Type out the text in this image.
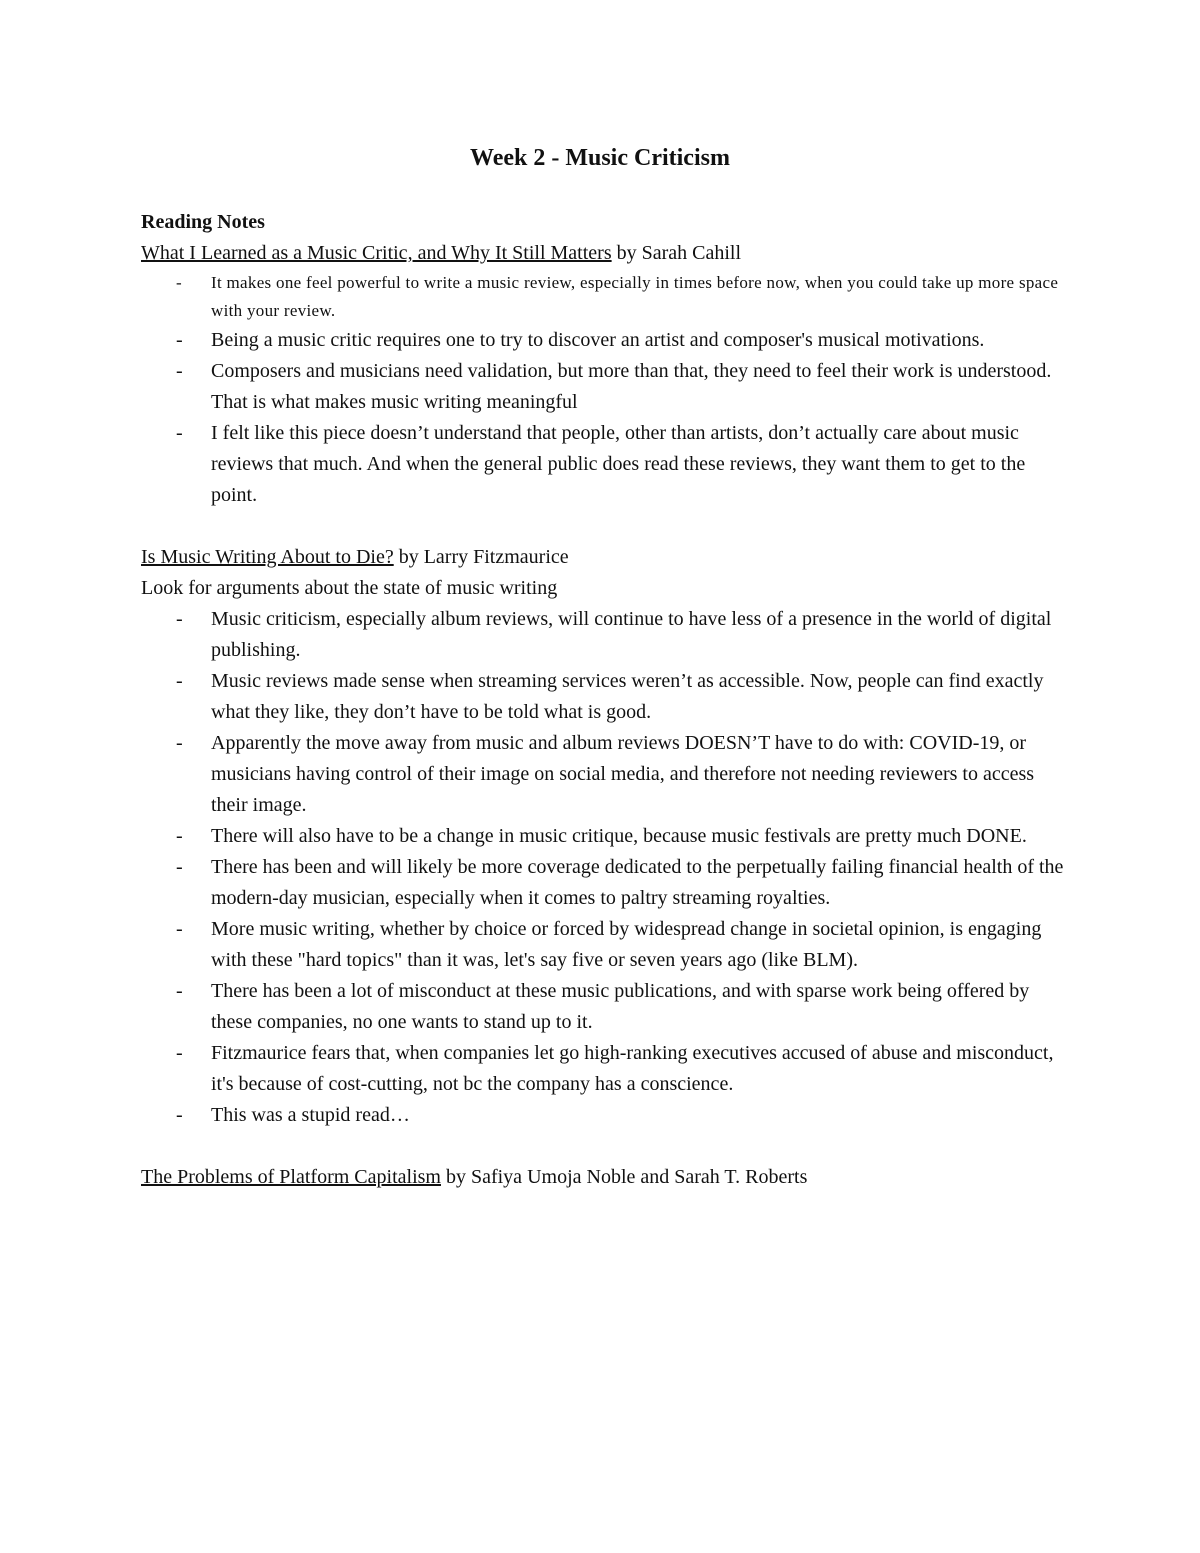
Week 2 - Music Criticism

Reading Notes

What I Learned as a Music Critic, and Why It Still Matters by Sarah Cahill

- It makes one feel powerful to write a music review, especially in times before now, when you could take up more space with your review.
- Being a music critic requires one to try to discover an artist and composer's musical motivations.
- Composers and musicians need validation, but more than that, they need to feel their work is understood. That is what makes music writing meaningful
- I felt like this piece doesn’t understand that people, other than artists, don’t actually care about music reviews that much. And when the general public does read these reviews, they want them to get to the point.

Is Music Writing About to Die? by Larry Fitzmaurice

Look for arguments about the state of music writing

- Music criticism, especially album reviews, will continue to have less of a presence in the world of digital publishing.
- Music reviews made sense when streaming services weren’t as accessible. Now, people can find exactly what they like, they don’t have to be told what is good.
- Apparently the move away from music and album reviews DOESN’T have to do with: COVID-19, or musicians having control of their image on social media, and therefore not needing reviewers to access their image.
- There will also have to be a change in music critique, because music festivals are pretty much DONE.
- There has been and will likely be more coverage dedicated to the perpetually failing financial health of the modern-day musician, especially when it comes to paltry streaming royalties.
- More music writing, whether by choice or forced by widespread change in societal opinion, is engaging with these "hard topics" than it was, let's say five or seven years ago (like BLM).
- There has been a lot of misconduct at these music publications, and with sparse work being offered by these companies, no one wants to stand up to it.
- Fitzmaurice fears that, when companies let go high-ranking executives accused of abuse and misconduct, it's because of cost-cutting, not bc the company has a conscience.
- This was a stupid read…

The Problems of Platform Capitalism by Safiya Umoja Noble and Sarah T. Roberts
